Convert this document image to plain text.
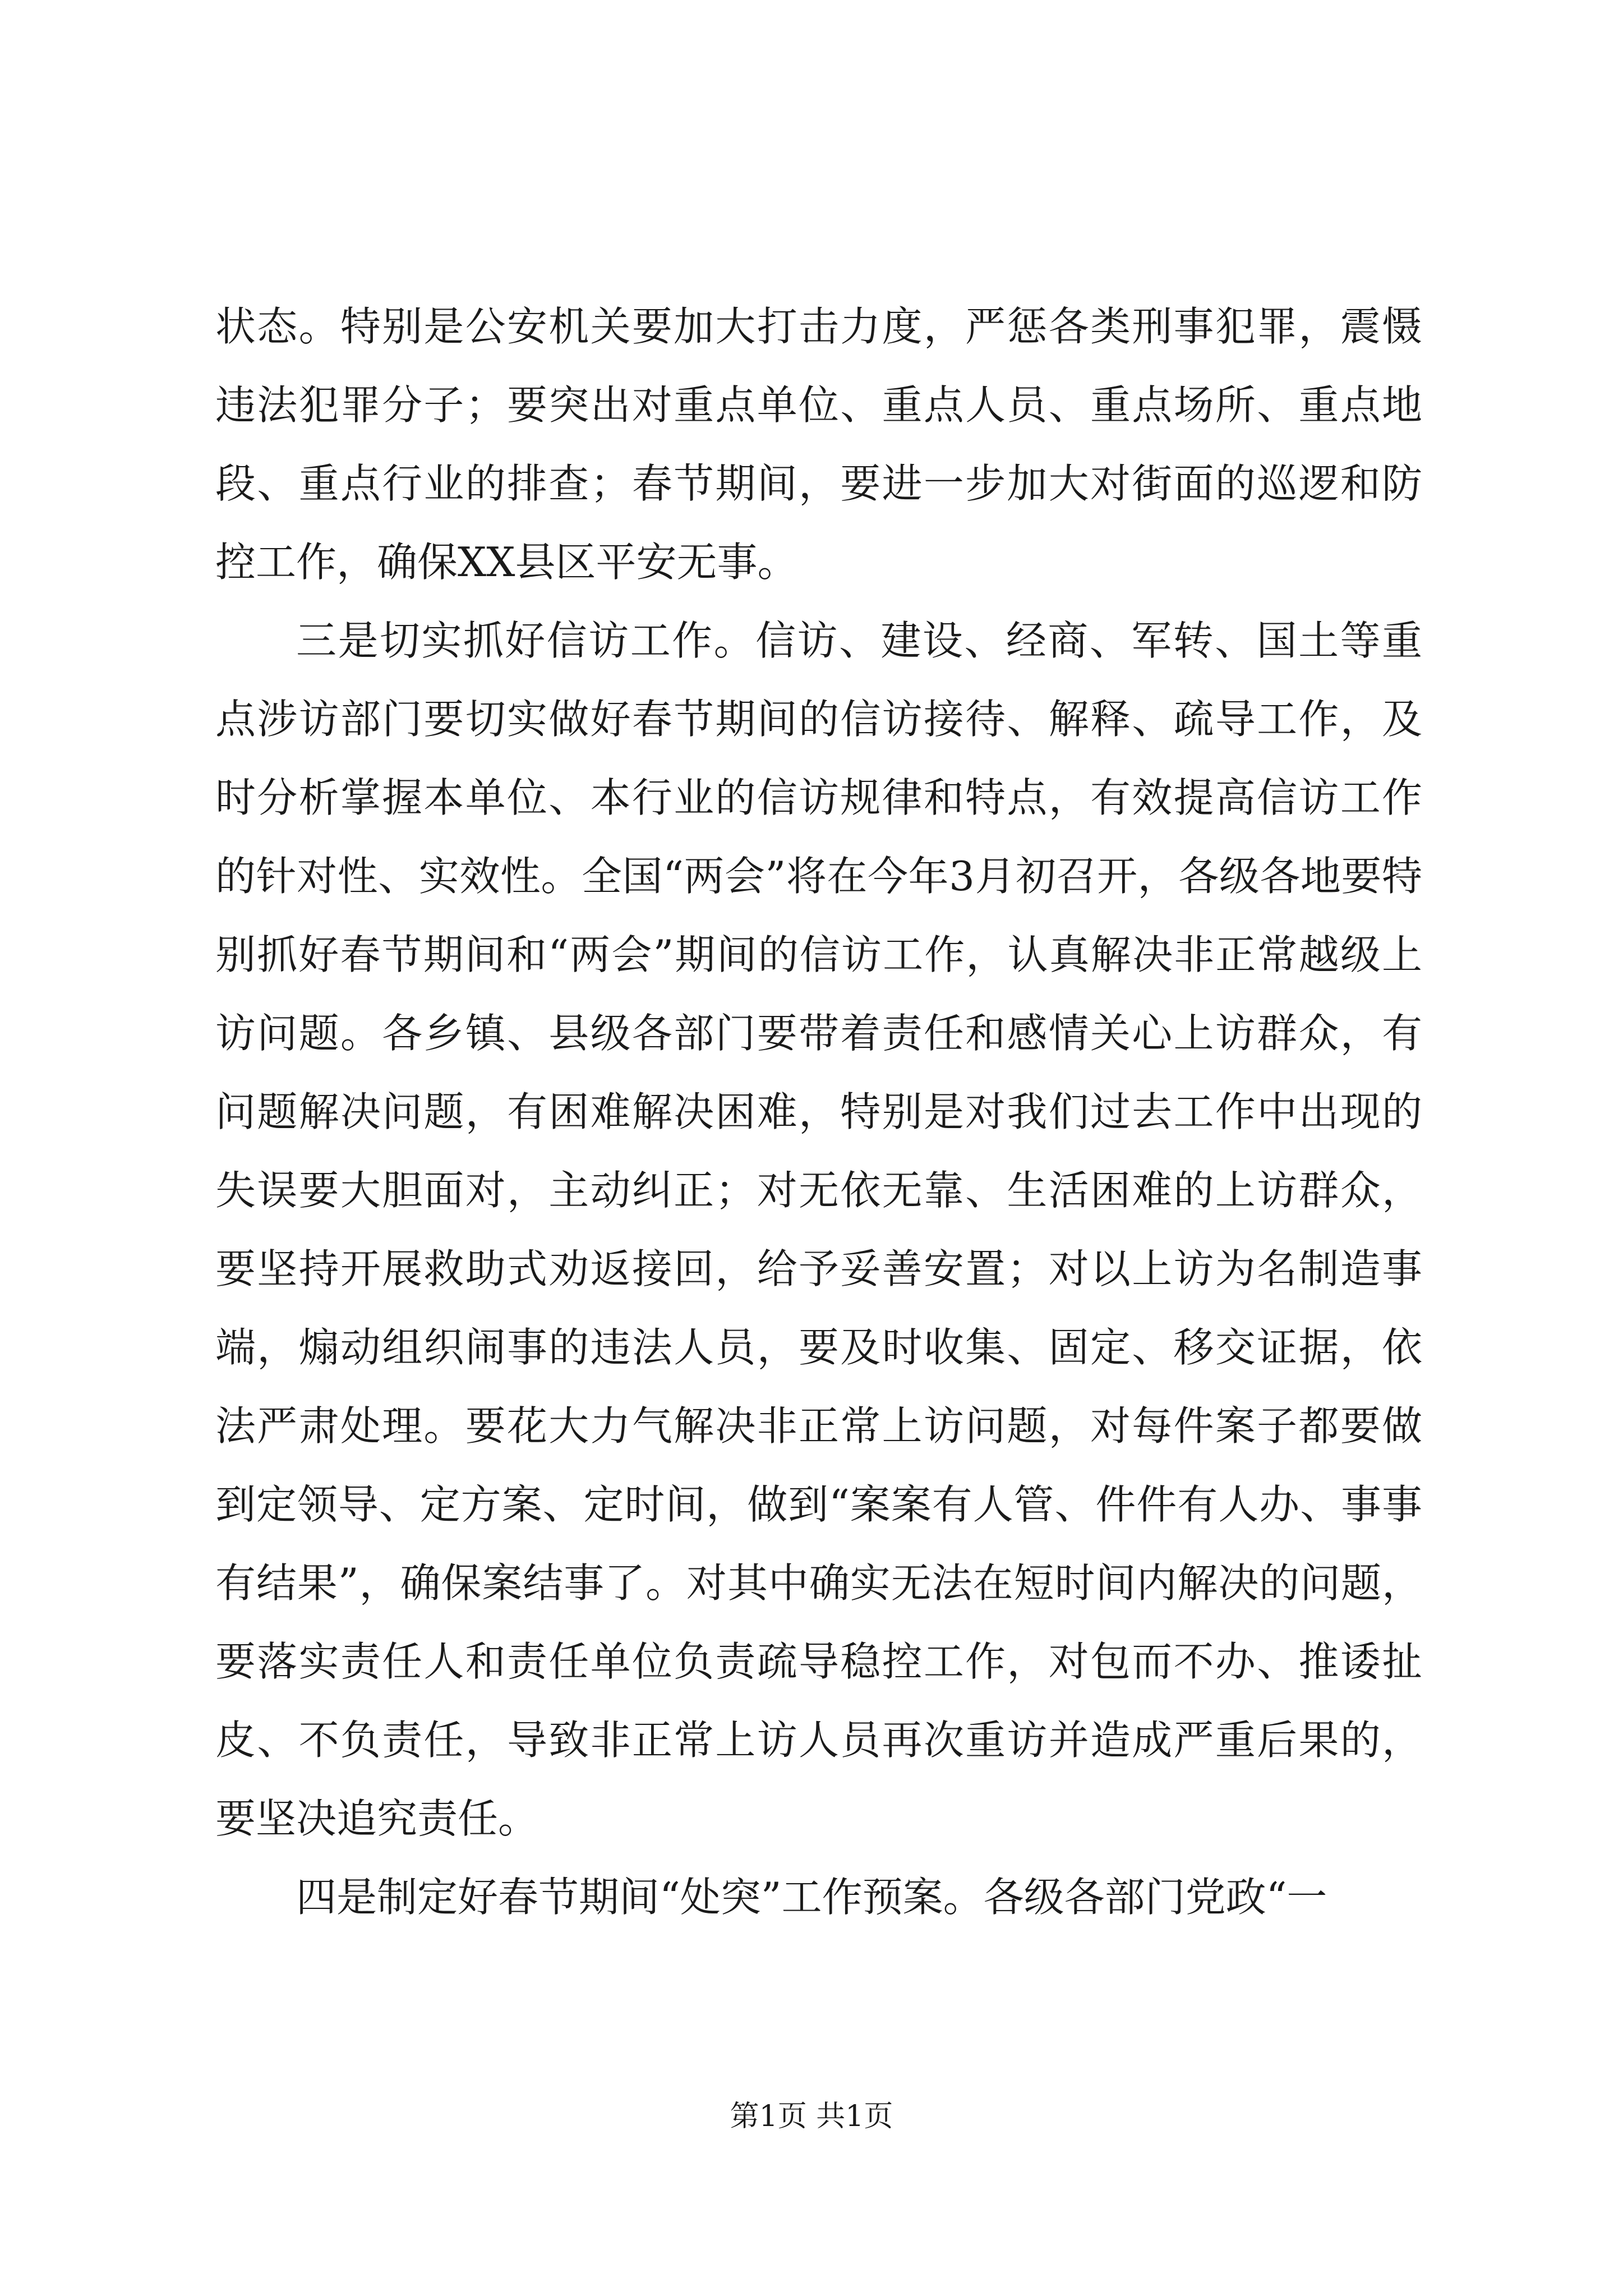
状态。特别是公安机关要加大打击力度，严惩各类刑事犯罪，震慑违法犯罪分子；要突出对重点单位、重点人员、重点场所、重点地段、重点行业的排查；春节期间，要进一步加大对街面的巡逻和防控工作，确保XX县区平安无事。

三是切实抓好信访工作。信访、建设、经商、军转、国土等重点涉访部门要切实做好春节期间的信访接待、解释、疏导工作，及时分析掌握本单位、本行业的信访规律和特点，有效提高信访工作的针对性、实效性。全国“两会”将在今年3月初召开，各级各地要特别抓好春节期间和“两会”期间的信访工作，认真解决非正常越级上访问题。各乡镇、县级各部门要带着责任和感情关心上访群众，有问题解决问题，有困难解决困难，特别是对我们过去工作中出现的失误要大胆面对，主动纠正；对无依无靠、生活困难的上访群众，要坚持开展救助式劝返接回，给予妥善安置；对以上访为名制造事端，煽动组织闹事的违法人员，要及时收集、固定、移交证据，依法严肃处理。要花大力气解决非正常上访问题，对每件案子都要做到定领导、定方案、定时间，做到“案案有人管、件件有人办、事事有结果”，确保案结事了。对其中确实无法在短时间内解决的问题，要落实责任人和责任单位负责疏导稳控工作，对包而不办、推诿扯皮、不负责任，导致非正常上访人员再次重访并造成严重后果的，要坚决追究责任。

四是制定好春节期间“处突”工作预案。各级各部门党政“一

第1页 共1页
